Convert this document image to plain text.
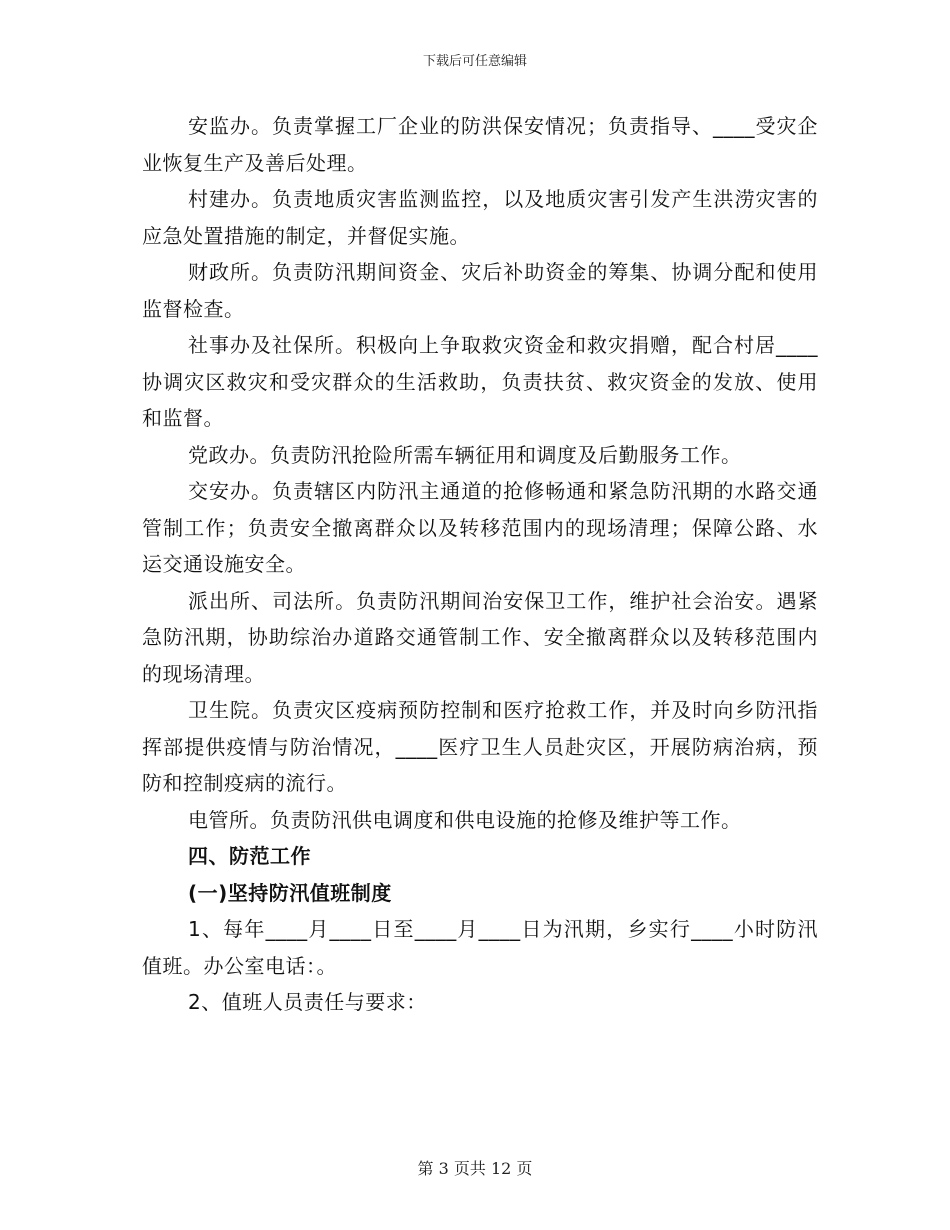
下载后可任意编辑

安监办。负责掌握工厂企业的防洪保安情况；负责指导、____受灾企业恢复生产及善后处理。

村建办。负责地质灾害监测监控，以及地质灾害引发产生洪涝灾害的应急处置措施的制定，并督促实施。

财政所。负责防汛期间资金、灾后补助资金的筹集、协调分配和使用监督检查。

社事办及社保所。积极向上争取救灾资金和救灾捐赠，配合村居____协调灾区救灾和受灾群众的生活救助，负责扶贫、救灾资金的发放、使用和监督。

党政办。负责防汛抢险所需车辆征用和调度及后勤服务工作。

交安办。负责辖区内防汛主通道的抢修畅通和紧急防汛期的水路交通管制工作；负责安全撤离群众以及转移范围内的现场清理；保障公路、水运交通设施安全。

派出所、司法所。负责防汛期间治安保卫工作，维护社会治安。遇紧急防汛期，协助综治办道路交通管制工作、安全撤离群众以及转移范围内的现场清理。

卫生院。负责灾区疫病预防控制和医疗抢救工作，并及时向乡防汛指挥部提供疫情与防治情况，____医疗卫生人员赴灾区，开展防病治病，预防和控制疫病的流行。

电管所。负责防汛供电调度和供电设施的抢修及维护等工作。

四、防范工作

(一)坚持防汛值班制度

1、每年____月____日至____月____日为汛期，乡实行____小时防汛值班。办公室电话：。

2、值班人员责任与要求：

第 3 页共 12 页
